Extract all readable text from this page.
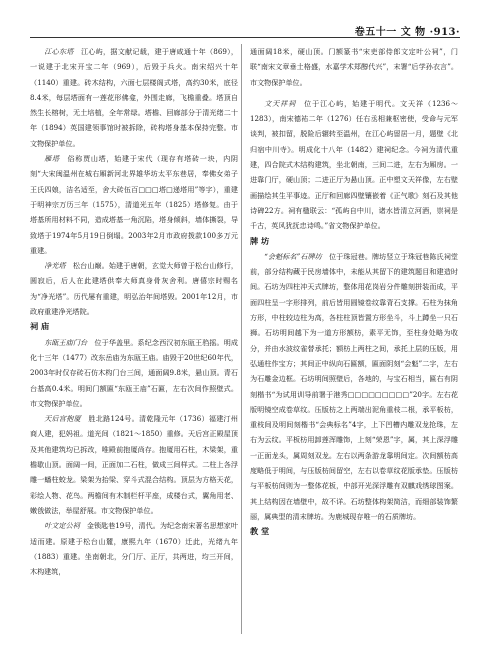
卷五十一 文 物 ·913·

江心东塔　 江心屿，据文献记载，建于唐咸通十年（869），一说建于北宋开宝二年（969），后毁于兵火。南宋绍兴十年（1140）重建。砖木结构，六面七层楼阁式塔，高约30米，底径8.4米，每层塔面有一莲花形佛龛，外围走廊，飞檐重叠。塔顶自然生长榕树，无土培植，全年常绿。塔檐、回廊部分于清光绪二十年（1894）英国建领事馆时被拆除，砖构塔身基本保持完整。市文物保护单位。

雁塔　 俗称贾山塔，始建于宋代（现存有塔砖一块，内阴刻“大宋闽温州在城右厢新河北界雄华坊太平东巷居，奉佛女弟子王氏四娘，洁名适至，舍大砖伍百□□□塔□递塔用”等字），重建于明神宗万历三年（1575），清道光五年（1825）塔修复。由于塔基所用材料不同，造成塔基一角沉陷，塔身倾斜，墙体撕裂，导致塔于1974年5月19日倒塌。2003年2月市政府拨款100多万元重建。

净光塔　 松台山巅。始建于唐朝，玄觉大师曾于松台山修行，圆寂后，后人在此建塔供奉大师真身骨灰舍利。唐僖宗时赐名为“净光塔”。历代屡有重建，明弘治年间塔毁。2001年12月，市政府重建净光塔院。

祠 庙

东瓯王庙门台　 位于华盖里。系纪念西汉初东瓯王驺摇。明成化十三年（1477）改东岳庙为东瓯王庙。庙毁于20世纪60年代，2003年时仅存砖石仿木构门台三间，通面阔9.8米，悬山顶。青石台基高0.4米。明间门额匾“东瓯王庙”石匾，左右次间作照壁式。市文物保护单位。

天后宫抱厦　 胜北路124号。清乾隆元年（1736）福建汀州商人建，犯妈祖。道光间（1821～1850）重修。天后宫正殿屋顶及其他建筑均已拆改，唯殿前抱厦尚存。抱厦用石柱，木梁架，重檐歇山顶。面阔一间，正面加二石柱，做成三间样式。二柱上各浮雕一蟠柱蛟龙。梁架为抬梁、穿斗式混合结构。顶层为方格天花，彩绘人物、花鸟。两檐间有木制栏杆平座，成楼台式，翼角用老、嫩戗做法，举屋舒展。市文物保护单位。

叶文定公祠　 金锁匙巷19号，清代。为纪念南宋著名思想家叶适而建。原建于松台山麓，康熙九年（1670）迁此，光绪九年（1883）重建。坐南朝北，分门厅、正厅，共两进，均三开间，木构建筑，

通面阔18米，硬山顶。门额篆书“宋吏部侍郎文定叶公祠”，门联“南宋文章垂土格盛，水嘉学术郑醇代兴”，末署“后学孙衣言”。市文物保护单位。

文天祥祠　 位于江心屿，始建于明代。文天祥（1236～1283），南宋德祐二年（1276）任右丞相兼枢密使，受命与元军谈判，被扣留，脱险后辗转至温州，在江心屿留居一月，题壁《北归宿中川寺》。明成化十八年（1482）建祠纪念。今祠为清代重建，四合院式木结构建筑，坐北朝南，三间二进，左右为厢房。一进靠门厅，硬山顶；二进正厅为悬山顶。正中塑文天祥像，左右壁画描绘其生平事迹。正厅和回廊四壁镶嵌着《正气歌》刻石及其他诗碑22方。祠有楹联云：“孤屿自中川，诸水皆清立河酒，崇祠是千古，英风犹抚忠诗鸣。”省文物保护单位。

牌 坊

“会魁标名”石牌坊　 位于珠冠巷。牌坊竖立于珠冠巷陈氏祠堂前，部分结构藏于民房墙体中，未能从其留下的建筑题目和建造时间。石坊为四柱冲天式牌坊，整体用花岗岩分件雕刻拼装而成，平面四柱呈一字形排列，前后皆用圆镜卷纹靠背石支撑。石柱为抹角方形，中柱较边柱为高，各柱柱顶皆置方形坐斗，斗上蹲坐一只石狮。石坊明间越下为一道方形额枋，素平无饰，至柱身处略为收分，并由水波纹雀替承托；额枋上两柱之间，承托上层的压版，用弘通柱作宝方；其间正中纵向石匾额，匾面阴刻“会魁”二字，左右为石雕金边框。石坊明间照壁后，各地的，与宝石相当，匾右有阴刻楷书“为试用训导前署于港秀□□□□□□□□□”20字。左右花版明镜空成卷草纹。压版枋之上两端出泥角重枝二根，承平板枋，重枝间及明间刻楷书“会典标名”4字，上下凹槽内雕双龙抢珠，左右为云纹。平板枋用卸莲浑雕饰，上刻“荣恩”字，属，其上深浮雕一正面龙头，属周刻双龙。左右以两条游龙靠明间定。次间额枋高度略低于明间，与压版枋间留空，左右以卷草纹花版承垫。压版枋与平板枋间则为一整体花板，中部开光深浮雕有双麒戏绣球图案。其上结构因在墙壁中，故不详。石坊整体构架简洁，而细部装饰繁丽，属典型的清末牌坊。为鹿城现存唯一的石质牌坊。

教 堂
